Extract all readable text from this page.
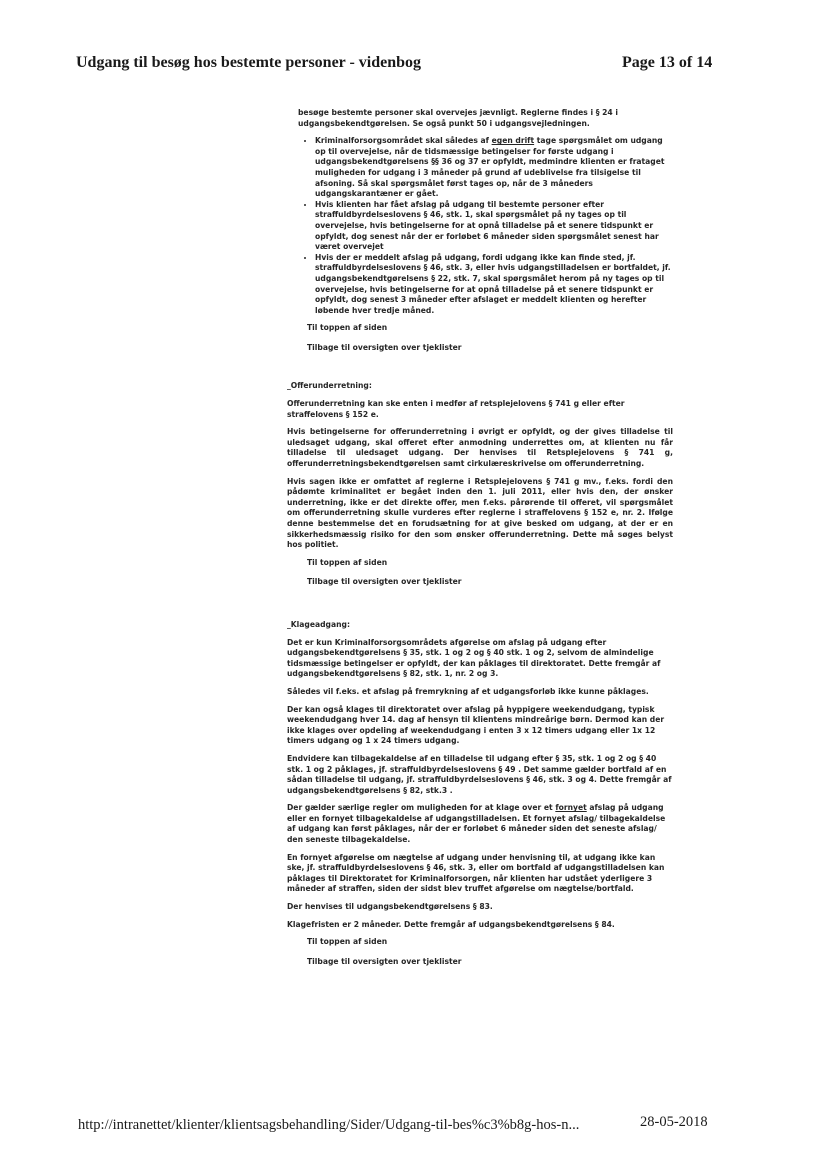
Udgang til besøg hos bestemte personer - videnbog	Page 13 of 14

besøge bestemte personer skal overvejes jævnligt. Reglerne findes i § 24 i udgangsbekendtgørelsen. Se også punkt 50 i udgangsvejledningen.

• Kriminalforsorgsområdet skal således af egen drift tage spørgsmålet om udgang op til overvejelse, når de tidsmæssige betingelser for første udgang i udgangsbekendtgørelsens §§ 36 og 37 er opfyldt, medmindre klienten er frataget muligheden for udgang i 3 måneder på grund af udeblivelse fra tilsigelse til afsoning. Så skal spørgsmålet først tages op, når de 3 måneders udgangskarantæner er gået.
• Hvis klienten har fået afslag på udgang til bestemte personer efter straffuldbyrdelseslovens § 46, stk. 1, skal spørgsmålet på ny tages op til overvejelse, hvis betingelserne for at opnå tilladelse på et senere tidspunkt er opfyldt, dog senest når der er forløbet 6 måneder siden spørgsmålet senest har været overvejet
• Hvis der er meddelt afslag på udgang, fordi udgang ikke kan finde sted, jf. straffuldbyrdelseslovens § 46, stk. 3, eller hvis udgangstilladelsen er bortfaldet, jf. udgangsbekendtgørelsens § 22, stk. 7, skal spørgsmålet herom på ny tages op til overvejelse, hvis betingelserne for at opnå tilladelse på et senere tidspunkt er opfyldt, dog senest 3 måneder efter afslaget er meddelt klienten og herefter løbende hver tredje måned.
Til toppen af siden
Tilbage til oversigten over tjeklister

_Offerunderretning:

Offerunderretning kan ske enten i medfør af retsplejelovens § 741 g eller efter straffelovens § 152 e.

Hvis betingelserne for offerunderretning i øvrigt er opfyldt, og der gives tilladelse til uledsaget udgang, skal offeret efter anmodning underrettes om, at klienten nu får tilladelse til uledsaget udgang. Der henvises til Retsplejelovens § 741 g, offerunderretningsbekendtgørelsen samt cirkulæreskrivelse om offerunderretning.

Hvis sagen ikke er omfattet af reglerne i Retsplejelovens § 741 g mv., f.eks. fordi den pådømte kriminalitet er begået inden den 1. juli 2011, eller hvis den, der ønsker underretning, ikke er det direkte offer, men f.eks. pårørende til offeret, vil spørgsmålet om offerunderretning skulle vurderes efter reglerne i straffelovens § 152 e, nr. 2. Ifølge denne bestemmelse det en forudsætning for at give besked om udgang, at der er en sikkerhedsmæssig risiko for den som ønsker offerunderretning. Dette må søges belyst hos politiet.

Til toppen af siden
Tilbage til oversigten over tjeklister

_Klageadgang:

Det er kun Kriminalforsorgsområdets afgørelse om afslag på udgang efter udgangsbekendtgørelsens § 35, stk. 1 og 2 og § 40 stk. 1 og 2, selvom de almindelige tidsmæssige betingelser er opfyldt, der kan påklages til direktoratet. Dette fremgår af udgangsbekendtgørelsens § 82, stk. 1, nr. 2 og 3.

Således vil f.eks. et afslag på fremrykning af et udgangsforløb ikke kunne påklages.

Der kan også klages til direktoratet over afslag på hyppigere weekendudgang, typisk weekendudgang hver 14. dag af hensyn til klientens mindreårige børn. Dermod kan der ikke klages over opdeling af weekendudgang i enten 3 x 12 timers udgang eller 1x 12 timers udgang og 1 x 24 timers udgang.

Endvidere kan tilbagekaldelse af en tilladelse til udgang efter § 35, stk. 1 og 2 og § 40 stk. 1 og 2 påklages, jf. straffuldbyrdelseslovens § 49 . Det samme gælder bortfald af en sådan tilladelse til udgang, jf. straffuldbyrdelseslovens § 46, stk. 3 og 4. Dette fremgår af udgangsbekendtgørelsens § 82, stk.3 .

Der gælder særlige regler om muligheden for at klage over et fornyet afslag på udgang eller en fornyet tilbagekaldelse af udgangstilladelsen. Et fornyet afslag/ tilbagekaldelse af udgang kan først påklages, når der er forløbet 6 måneder siden det seneste afslag/ den seneste tilbagekaldelse.

En fornyet afgørelse om nægtelse af udgang under henvisning til, at udgang ikke kan ske, jf. straffuldbyrdelseslovens § 46, stk. 3, eller om bortfald af udgangstilladelsen kan påklages til Direktoratet for Kriminalforsorgen, når klienten har udstået yderligere 3 måneder af straffen, siden der sidst blev truffet afgørelse om nægtelse/bortfald.

Der henvises til udgangsbekendtgørelsens § 83.

Klagefristen er 2 måneder. Dette fremgår af udgangsbekendtgørelsens § 84.

Til toppen af siden
Tilbage til oversigten over tjeklister
http://intranettet/klienter/klientsagsbehandling/Sider/Udgang-til-bes%c3%b8g-hos-n...	28-05-2018
